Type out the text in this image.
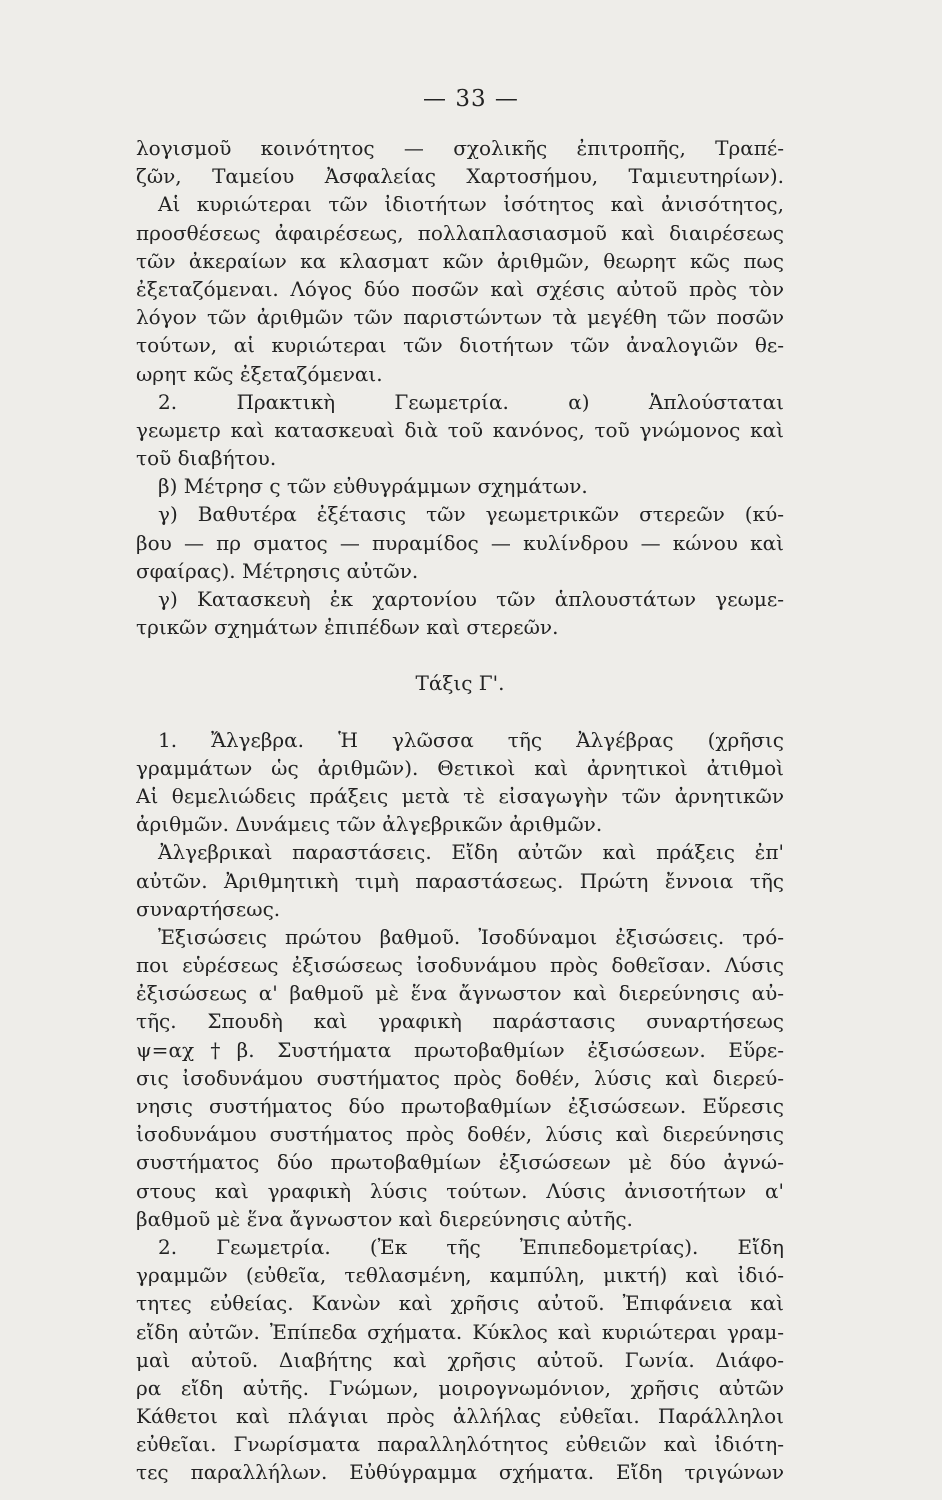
— 33 —
λογισμοῦ κοινότητος — σχολικῆς ἐπιτροπῆς, Τραπέ-
ζῶν, Ταμείου Ἀσφαλείας Χαρτοσήμου, Ταμιευτηρίων).
Αἱ κυριώτεραι τῶν ἰδιοτήτων ἰσότητος καὶ ἀνισότητος,
προσθέσεως ἀφαιρέσεως, πολλαπλασιασμοῦ καὶ διαιρέσεως
τῶν ἀκεραίων κα κλασματ κῶν ἀριθμῶν, θεωρητ κῶς πως
ἐξεταζόμεναι. Λόγος δύο ποσῶν καὶ σχέσις αὐτοῦ πρὸς τὸν
λόγον τῶν ἀριθμῶν τῶν παριστώντων τὰ μεγέθη τῶν ποσῶν
τούτων, αἱ κυριώτεραι τῶν διοτήτων τῶν ἀναλογιῶν θε-
ωρητ κῶς ἐξεταζόμεναι.
2. Πρακτικὴ Γεωμετρία. α) Ἁπλούσταται
γεωμετρ καὶ κατασκευαὶ διὰ τοῦ κανόνος, τοῦ γνώμονος καὶ
τοῦ διαβήτου.
β) Μέτρησ ς τῶν εὐθυγράμμων σχημάτων.
γ) Βαθυτέρα ἐξέτασις τῶν γεωμετρικῶν στερεῶν (κύ-
βου — πρ σματος — πυραμίδος — κυλίνδρου — κώνου καὶ
σφαίρας). Μέτρησις αὐτῶν.
γ) Κατασκευὴ ἐκ χαρτονίου τῶν ἁπλουστάτων γεωμε-
τρικῶν σχημάτων ἐπιπέδων καὶ στερεῶν.
Τάξις Γ'.
1. Ἄλγεβρα. Ἡ γλῶσσα τῆς Ἀλγέβρας (χρῆσις
γραμμάτων ὡς ἀριθμῶν). Θετικοὶ καὶ ἀρνητικοὶ ἀτιθμοὶ
Αἱ θεμελιώδεις πράξεις μετὰ τὲ εἰσαγωγὴν τῶν ἀρνητικῶν
ἀριθμῶν. Δυνάμεις τῶν ἀλγεβρικῶν ἀριθμῶν.
Ἀλγεβρικαὶ παραστάσεις. Εἴδη αὐτῶν καὶ πράξεις ἐπ'
αὐτῶν. Ἀριθμητικὴ τιμὴ παραστάσεως. Πρώτη ἔννοια τῆς
συναρτήσεως.
Ἐξισώσεις πρώτου βαθμοῦ. Ἰσοδύναμοι ἐξισώσεις. τρό-
ποι εὑρέσεως ἐξισώσεως ἰσοδυνάμου πρὸς δοθεῖσαν. Λύσις
ἐξισώσεως α' βαθμοῦ μὲ ἕνα ἄγνωστον καὶ διερεύνησις αὐ-
τῆς. Σπουδὴ καὶ γραφικὴ παράστασις συναρτήσεως
ψ=αχ†β. Συστήματα πρωτοβαθμίων ἐξισώσεων. Εὕρε-
σις ἰσοδυνάμου συστήματος πρὸς δοθέν, λύσις καὶ διερεύ-
νησις συστήματος δύο πρωτοβαθμίων ἐξισώσεων. Εὕρεσις
ἰσοδυνάμου συστήματος πρὸς δοθέν, λύσις καὶ διερεύνησις
συστήματος δύο πρωτοβαθμίων ἐξισώσεων μὲ δύο ἀγνώ-
στους καὶ γραφικὴ λύσις τούτων. Λύσις ἀνισοτήτων α'
βαθμοῦ μὲ ἕνα ἄγνωστον καὶ διερεύνησις αὐτῆς.
2. Γεωμετρία. (Ἐκ τῆς Ἐπιπεδομετρίας). Εἴδη
γραμμῶν (εὐθεῖα, τεθλασμένη, καμπύλη, μικτή) καὶ ἰδιό-
τητες εὐθείας. Κανὼν καὶ χρῆσις αὐτοῦ. Ἐπιφάνεια καὶ
εἴδη αὐτῶν. Ἐπίπεδα σχήματα. Κύκλος καὶ κυριώτεραι γραμ-
μαὶ αὐτοῦ. Διαβήτης καὶ χρῆσις αὐτοῦ. Γωνία. Διάφο-
ρα εἴδη αὐτῆς. Γνώμων, μοιρογνωμόνιον, χρῆσις αὐτῶν
Κάθετοι καὶ πλάγιαι πρὸς ἀλλήλας εὐθεῖαι. Παράλληλοι
εὐθεῖαι. Γνωρίσματα παραλληλότητος εὐθειῶν καὶ ἰδιότη-
τες παραλλήλων. Εὐθύγραμμα σχήματα. Εἴδη τριγώνων
